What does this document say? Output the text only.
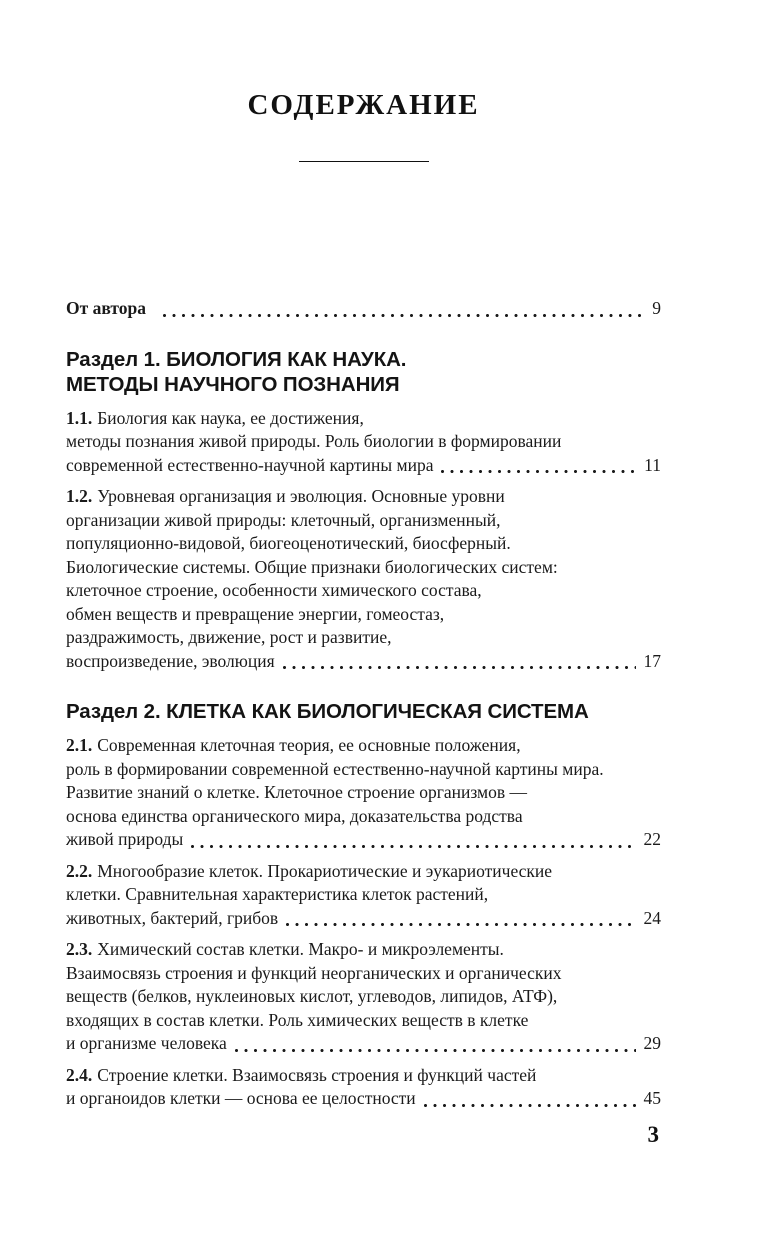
СОДЕРЖАНИЕ
От автора	9
Раздел 1. БИОЛОГИЯ КАК НАУКА.
МЕТОДЫ НАУЧНОГО ПОЗНАНИЯ
1.1. Биология как наука, ее достижения,
методы познания живой природы. Роль биологии в формировании
современной естественно-научной картины мира	11
1.2. Уровневая организация и эволюция. Основные уровни
организации живой природы: клеточный, организменный,
популяционно-видовой, биогеоценотический, биосферный.
Биологические системы. Общие признаки биологических систем:
клеточное строение, особенности химического состава,
обмен веществ и превращение энергии, гомеостаз,
раздражимость, движение, рост и развитие,
воспроизведение, эволюция	17
Раздел 2. КЛЕТКА КАК БИОЛОГИЧЕСКАЯ СИСТЕМА
2.1. Современная клеточная теория, ее основные положения,
роль в формировании современной естественно-научной картины мира.
Развитие знаний о клетке. Клеточное строение организмов —
основа единства органического мира, доказательства родства
живой природы	22
2.2. Многообразие клеток. Прокариотические и эукариотические
клетки. Сравнительная характеристика клеток растений,
животных, бактерий, грибов	24
2.3. Химический состав клетки. Макро- и микроэлементы.
Взаимосвязь строения и функций неорганических и органических
веществ (белков, нуклеиновых кислот, углеводов, липидов, АТФ),
входящих в состав клетки. Роль химических веществ в клетке
и организме человека	29
2.4. Строение клетки. Взаимосвязь строения и функций частей
и органоидов клетки — основа ее целостности	45
3
